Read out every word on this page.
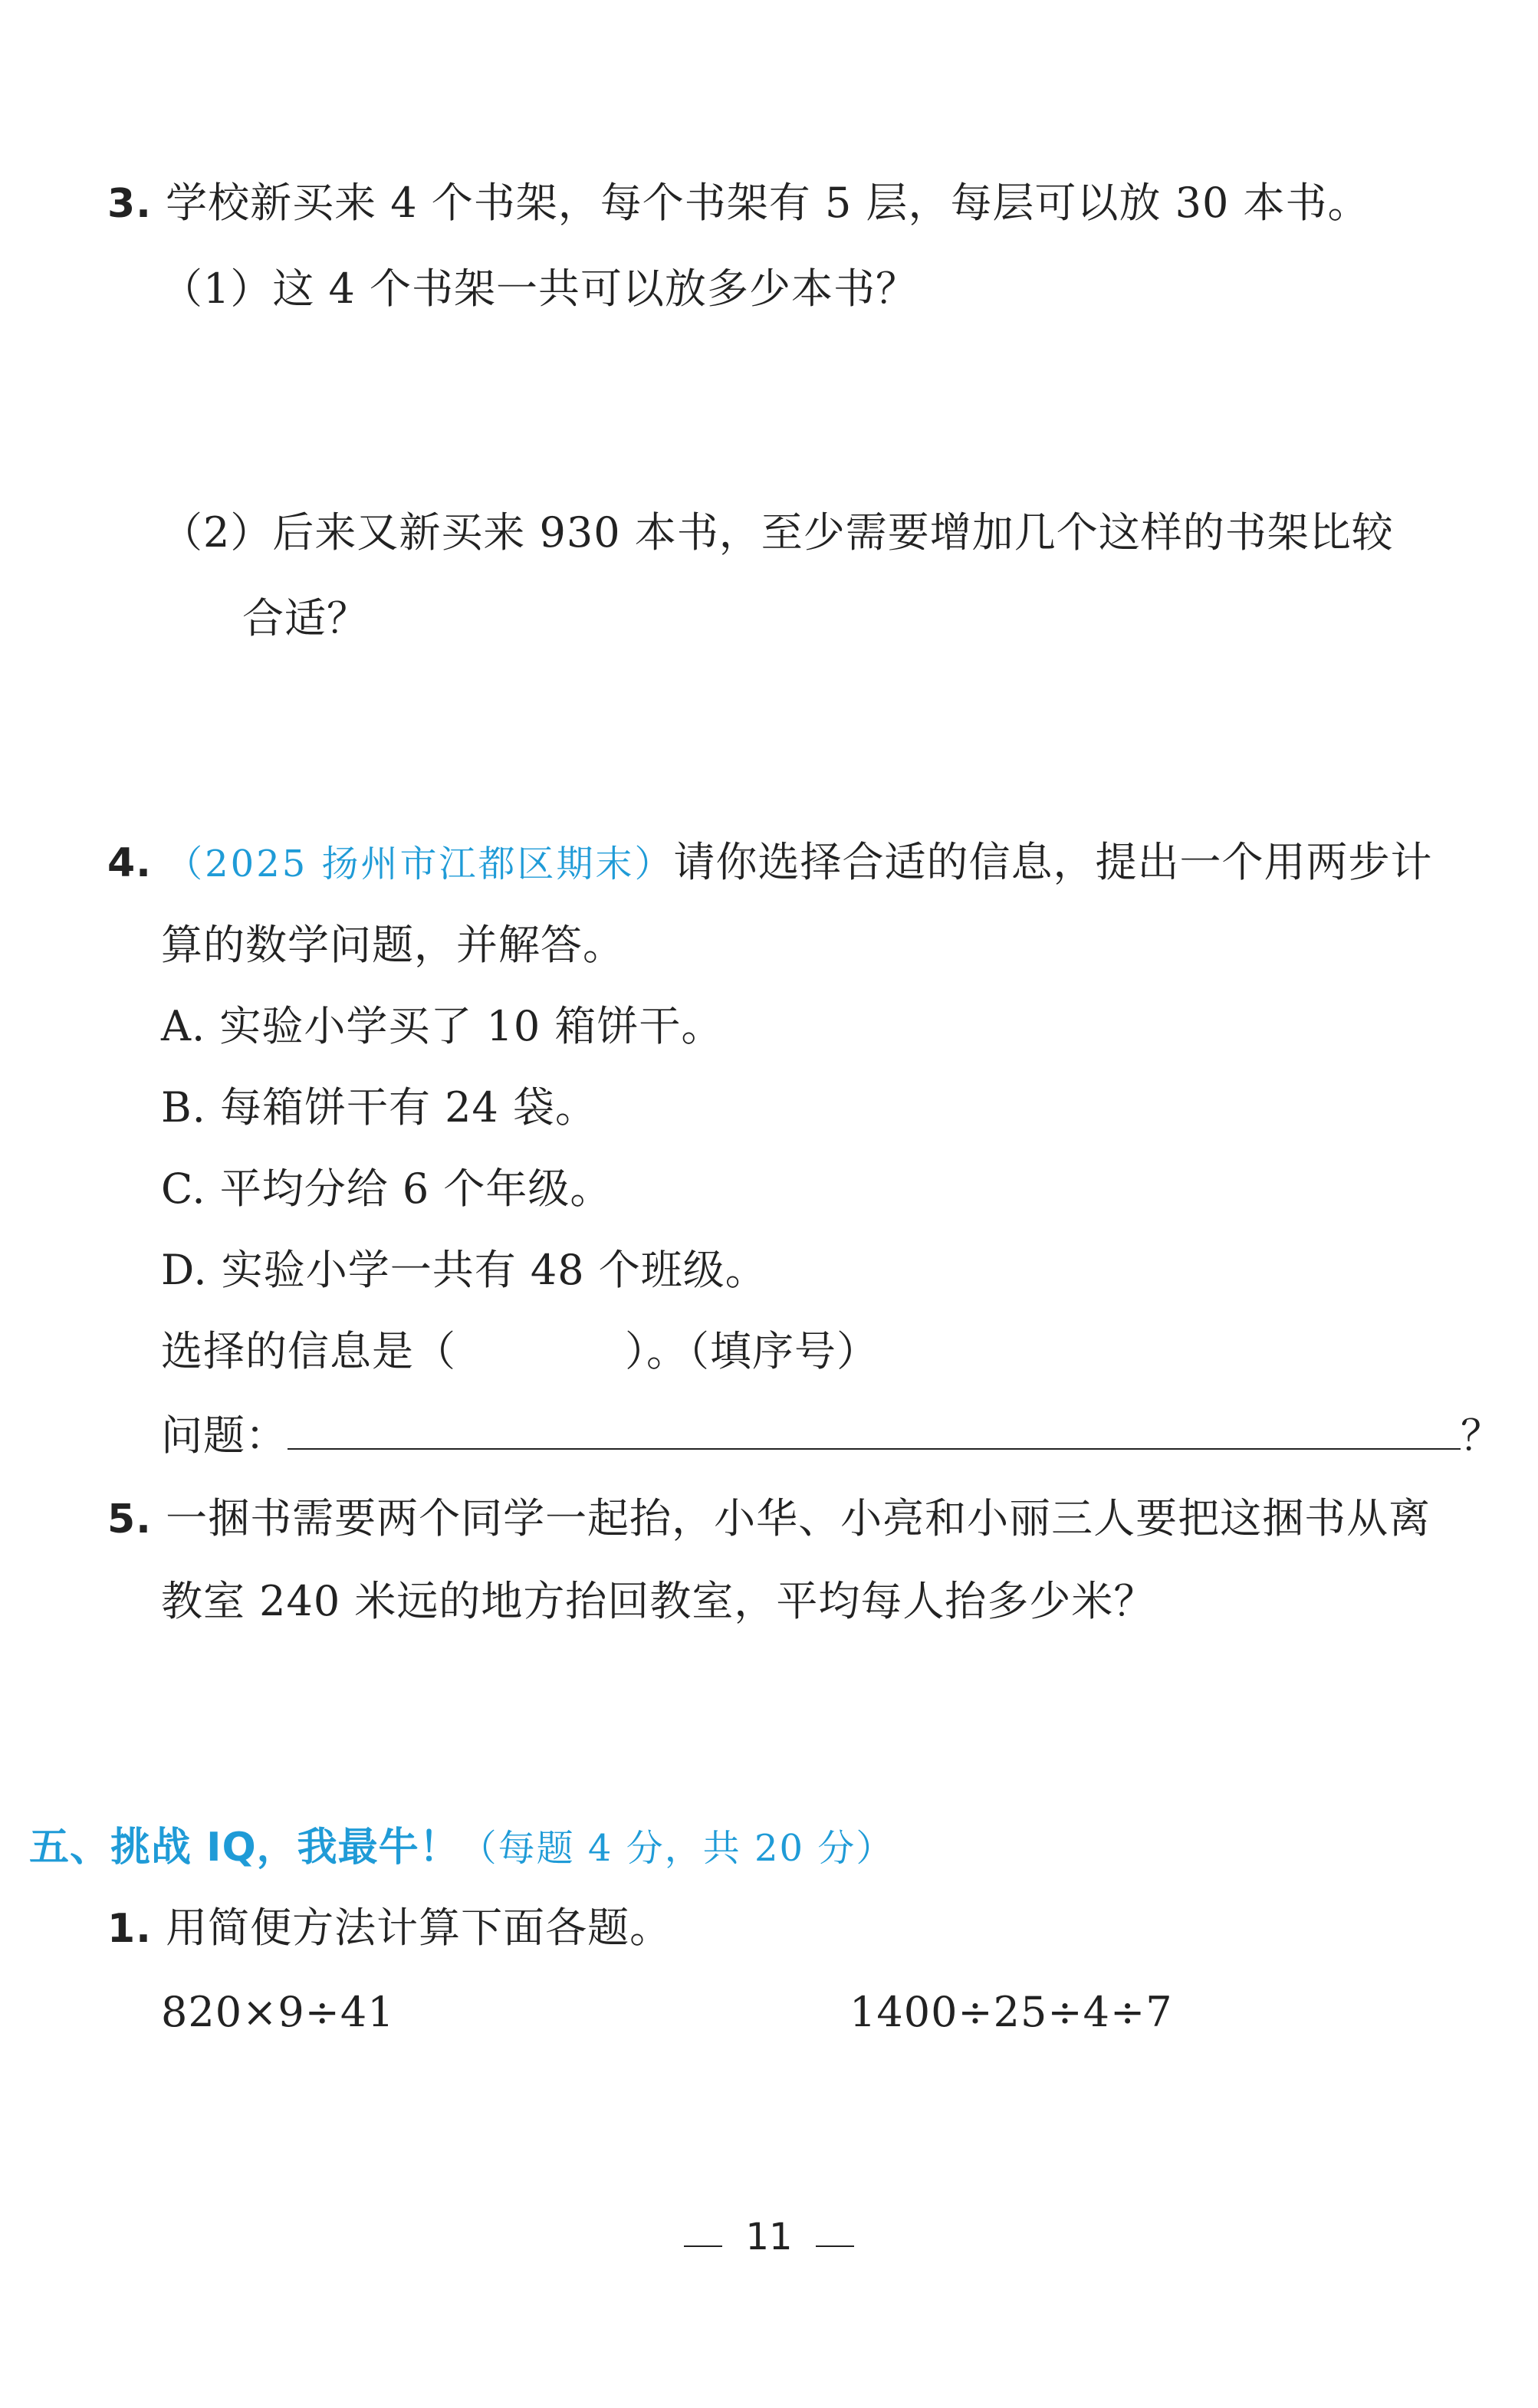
3. 学校新买来 4 个书架，每个书架有 5 层，每层可以放 30 本书。
（1）这 4 个书架一共可以放多少本书？
（2）后来又新买来 930 本书，至少需要增加几个这样的书架比较
合适？
4. （2025 扬州市江都区期末）请你选择合适的信息，提出一个用两步计
算的数学问题，并解答。
A. 实验小学买了 10 箱饼干。
B. 每箱饼干有 24 袋。
C. 平均分给 6 个年级。
D. 实验小学一共有 48 个班级。
选择的信息是（	）。（填序号）
问题：	？
5. 一捆书需要两个同学一起抬，小华、小亮和小丽三人要把这捆书从离
教室 240 米远的地方抬回教室，平均每人抬多少米？
五、挑战 IQ，我最牛！（每题 4 分，共 20 分）
1. 用简便方法计算下面各题。
820×9÷41	1400÷25÷4÷7
11
